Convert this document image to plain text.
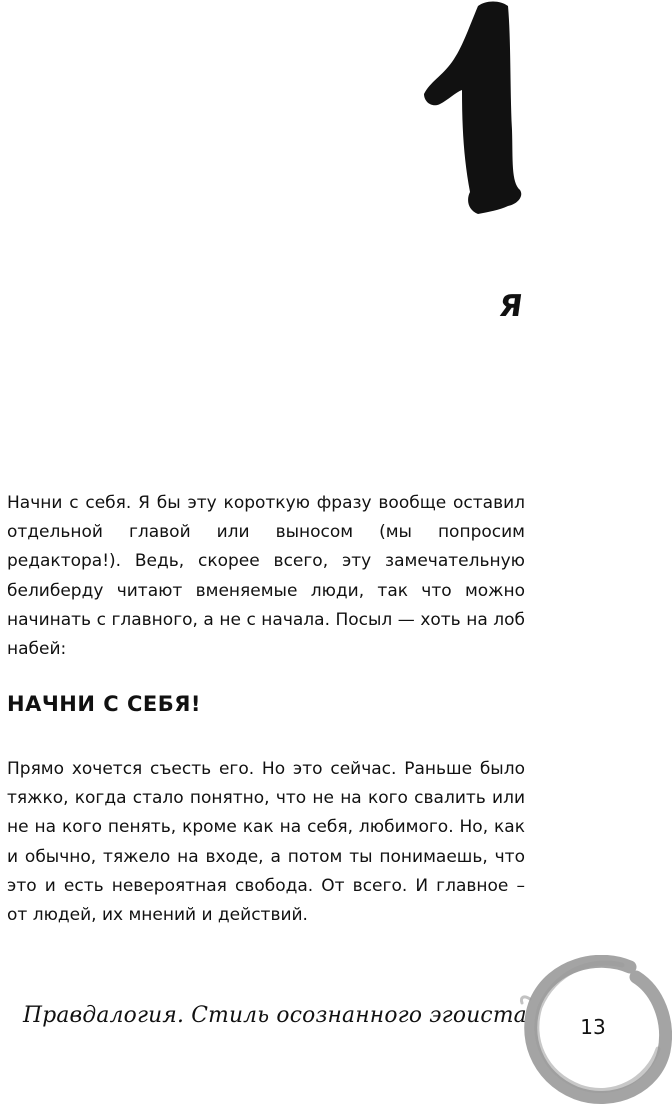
Я

Начни с себя. Я бы эту короткую фразу вообще оставил отдельной главой или выносом (мы попросим редактора!). Ведь, скорее всего, эту замечательную белиберду читают вменяемые люди, так что можно начинать с главного, а не с начала. Посыл — хоть на лоб набей:

НАЧНИ С СЕБЯ!

Прямо хочется съесть его. Но это сейчас. Раньше было тяжко, когда стало понятно, что не на кого свалить или не на кого пенять, кроме как на себя, любимого. Но, как и обычно, тяжело на входе, а потом ты понимаешь, что это и есть невероятная свобода. От всего. И главное – от людей, их мнений и действий.

Правдалогия. Стиль осознанного эгоиста	13
